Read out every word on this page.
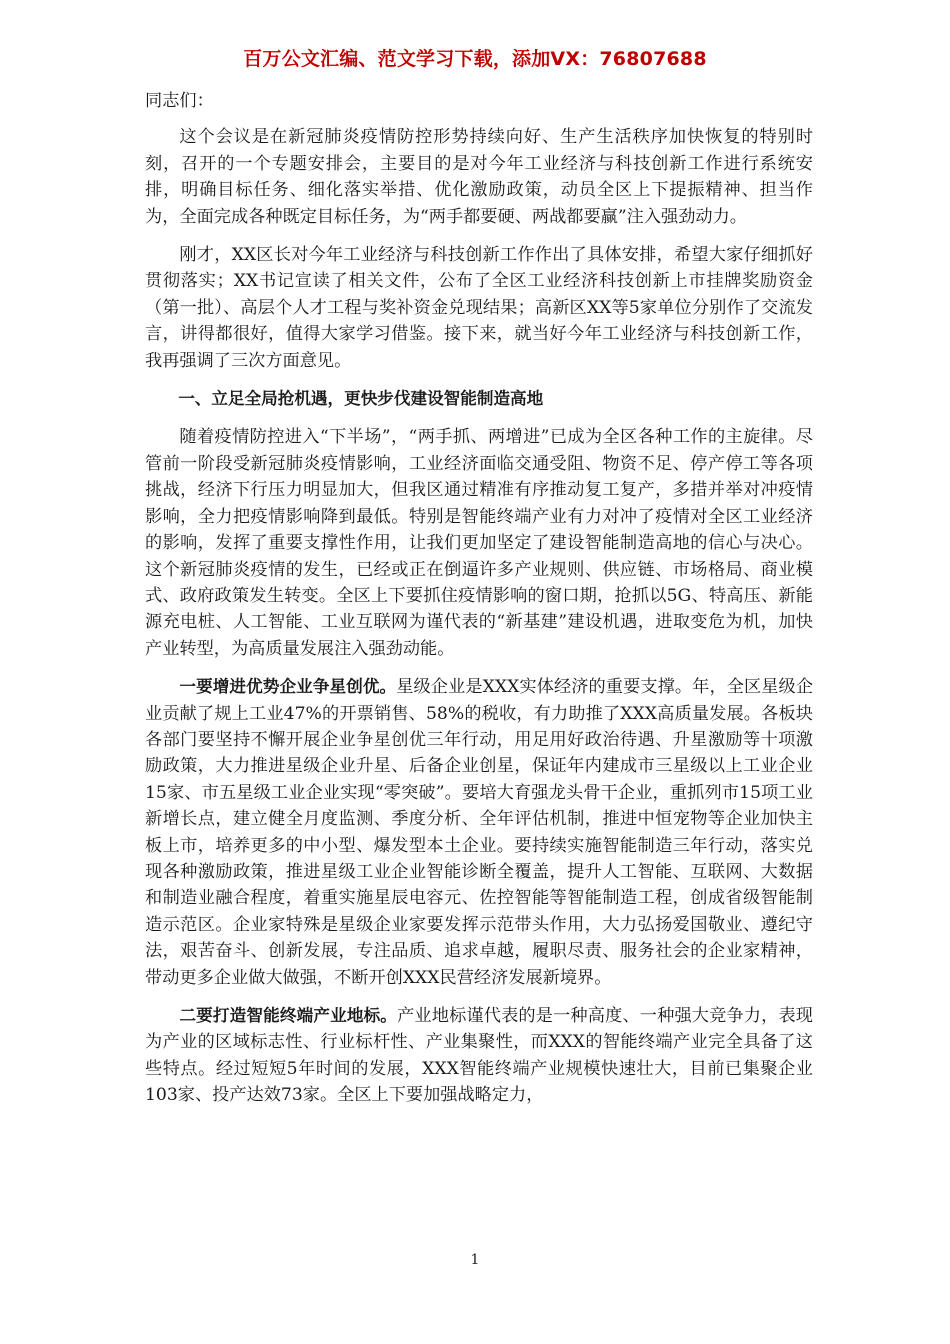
百万公文汇编、范文学习下载，添加VX：76807688

同志们：

这个会议是在新冠肺炎疫情防控形势持续向好、生产生活秩序加快恢复的特别时刻，召开的一个专题安排会，主要目的是对今年工业经济与科技创新工作进行系统安排，明确目标任务、细化落实举措、优化激励政策，动员全区上下提振精神、担当作为，全面完成各种既定目标任务，为“两手都要硬、两战都要赢”注入强劲动力。

刚才，XX区长对今年工业经济与科技创新工作作出了具体安排，希望大家仔细抓好贯彻落实；XX书记宣读了相关文件，公布了全区工业经济科技创新上市挂牌奖励资金（第一批）、高层个人才工程与奖补资金兑现结果；高新区XX等5家单位分别作了交流发言，讲得都很好，值得大家学习借鉴。接下来，就当好今年工业经济与科技创新工作，我再强调了三次方面意见。

一、立足全局抢机遇，更快步伐建设智能制造高地

随着疫情防控进入“下半场”，“两手抓、两增进”已成为全区各种工作的主旋律。尽管前一阶段受新冠肺炎疫情影响，工业经济面临交通受阻、物资不足、停产停工等各项挑战，经济下行压力明显加大，但我区通过精准有序推动复工复产，多措并举对冲疫情影响，全力把疫情影响降到最低。特别是智能终端产业有力对冲了疫情对全区工业经济的影响，发挥了重要支撑性作用，让我们更加坚定了建设智能制造高地的信心与决心。这个新冠肺炎疫情的发生，已经或正在倒逼许多产业规则、供应链、市场格局、商业模式、政府政策发生转变。全区上下要抓住疫情影响的窗口期，抢抓以5G、特高压、新能源充电桩、人工智能、工业互联网为谨代表的“新基建”建设机遇，进取变危为机，加快产业转型，为高质量发展注入强劲动能。

一要增进优势企业争星创优。星级企业是XXX实体经济的重要支撑。年，全区星级企业贡献了规上工业47%的开票销售、58%的税收，有力助推了XXX高质量发展。各板块各部门要坚持不懈开展企业争星创优三年行动，用足用好政治待遇、升星激励等十项激励政策，大力推进星级企业升星、后备企业创星，保证年内建成市三星级以上工业企业15家、市五星级工业企业实现“零突破”。要培大育强龙头骨干企业，重抓列市15项工业新增长点，建立健全月度监测、季度分析、全年评估机制，推进中恒宠物等企业加快主板上市，培养更多的中小型、爆发型本土企业。要持续实施智能制造三年行动，落实兑现各种激励政策，推进星级工业企业智能诊断全覆盖，提升人工智能、互联网、大数据和制造业融合程度，着重实施星辰电容元、佐控智能等智能制造工程，创成省级智能制造示范区。企业家特殊是星级企业家要发挥示范带头作用，大力弘扬爱国敬业、遵纪守法，艰苦奋斗、创新发展，专注品质、追求卓越，履职尽责、服务社会的企业家精神，带动更多企业做大做强，不断开创XXX民营经济发展新境界。

二要打造智能终端产业地标。产业地标谨代表的是一种高度、一种强大竞争力，表现为产业的区域标志性、行业标杆性、产业集聚性，而XXX的智能终端产业完全具备了这些特点。经过短短5年时间的发展，XXX智能终端产业规模快速壮大，目前已集聚企业103家、投产达效73家。全区上下要加强战略定力，

1
